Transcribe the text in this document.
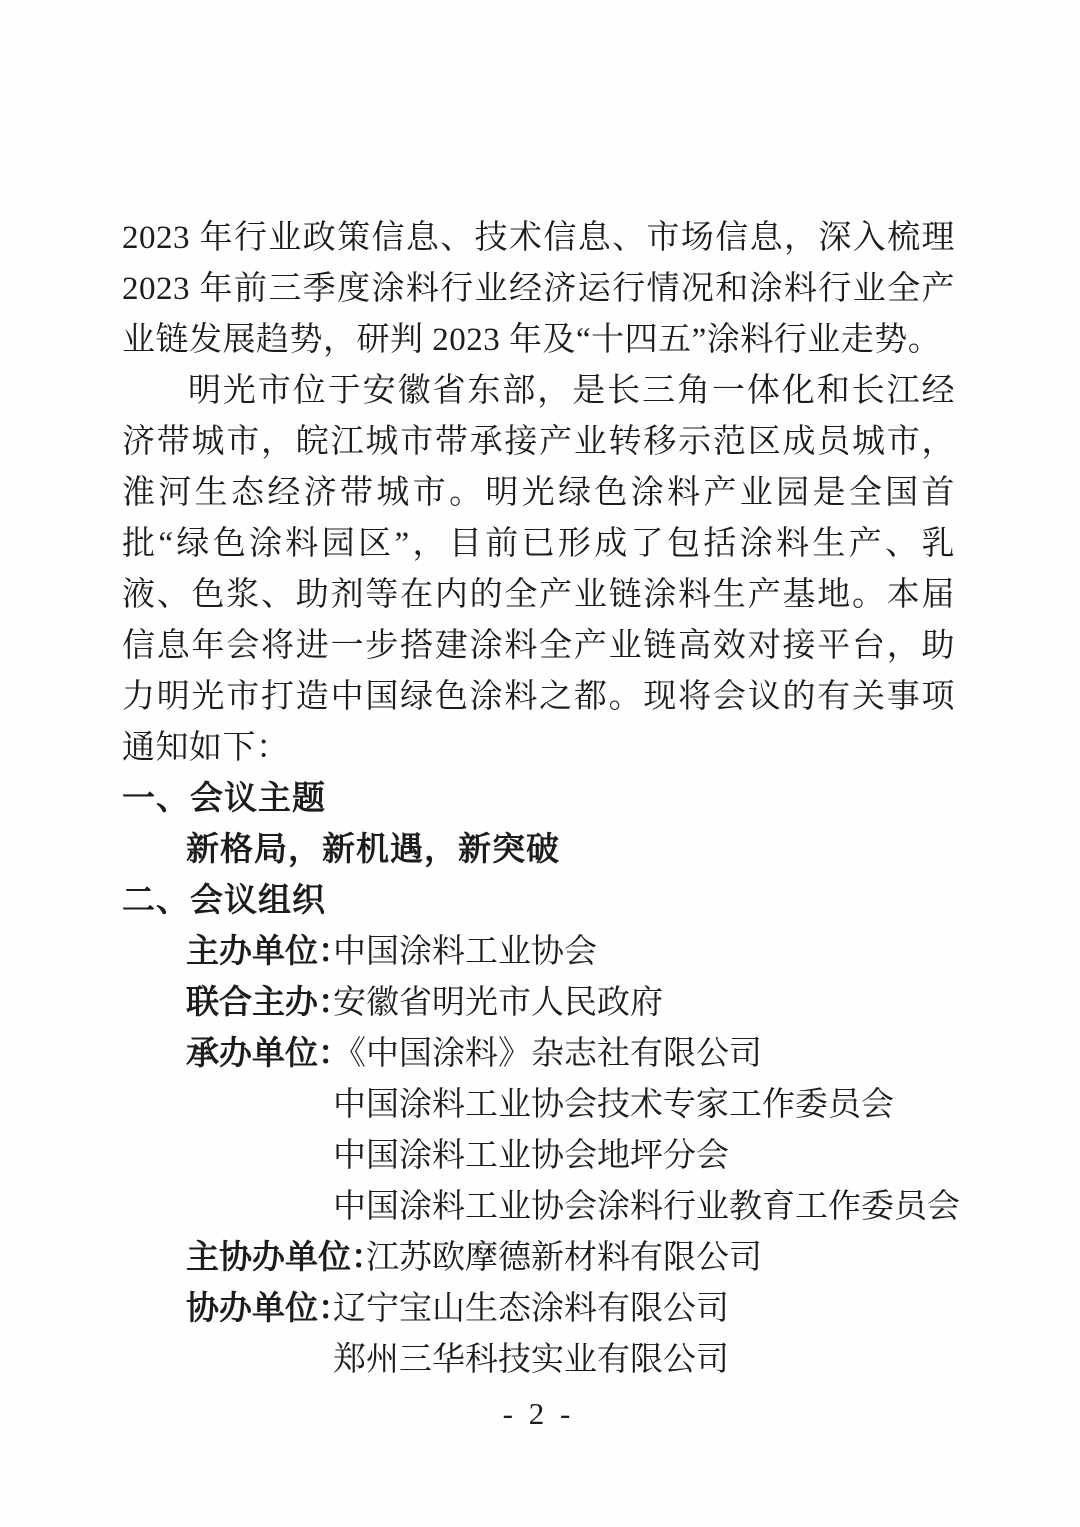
2023 年行业政策信息、技术信息、市场信息，深入梳理 2023 年前三季度涂料行业经济运行情况和涂料行业全产业链发展趋势，研判 2023 年及“十四五”涂料行业走势。

明光市位于安徽省东部，是长三角一体化和长江经济带城市，皖江城市带承接产业转移示范区成员城市，淮河生态经济带城市。明光绿色涂料产业园是全国首批“绿色涂料园区”，目前已形成了包括涂料生产、乳液、色浆、助剂等在内的全产业链涂料生产基地。本届信息年会将进一步搭建涂料全产业链高效对接平台，助力明光市打造中国绿色涂料之都。现将会议的有关事项通知如下：

一、会议主题
新格局，新机遇，新突破
二、会议组织
主办单位：
中国涂料工业协会
联合主办：
安徽省明光市人民政府
承办单位：
《中国涂料》杂志社有限公司
中国涂料工业协会技术专家工作委员会
中国涂料工业协会地坪分会
中国涂料工业协会涂料行业教育工作委员会
主协办单位：
江苏欧摩德新材料有限公司
协办单位：
辽宁宝山生态涂料有限公司
郑州三华科技实业有限公司
- 2 -
